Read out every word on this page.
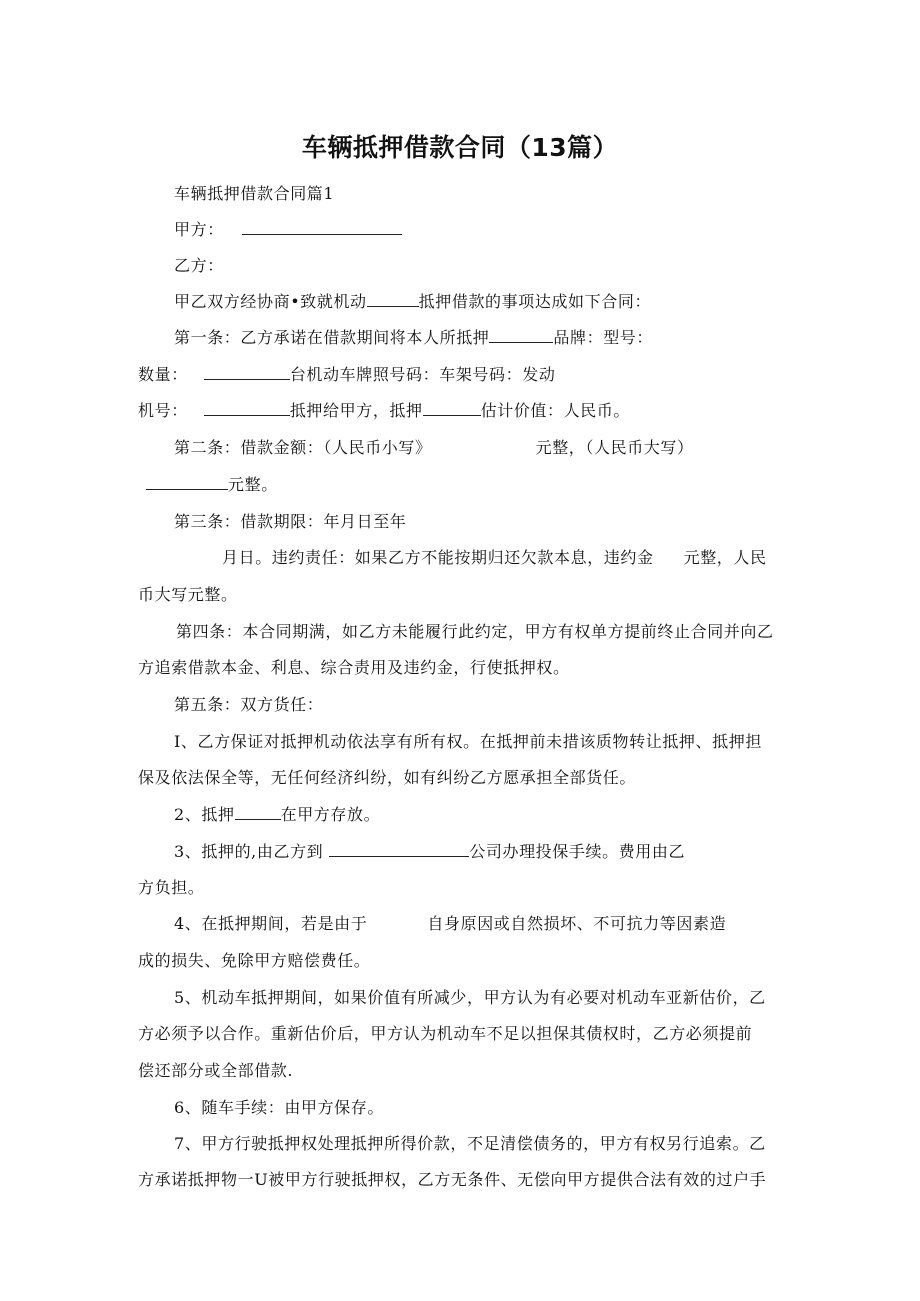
车辆抵押借款合同（13篇）
车辆抵押借款合同篇1
甲方：
乙方：
甲乙双方经协商•致就机动	抵押借款的事项达成如下合同：
第一条：乙方承诺在借款期间将本人所抵押	品牌：型号：
数量：	台机动车牌照号码：车架号码：发动
机号：	抵押给甲方，抵押	估计价值：人民币。
第二条：借款金额：（人民币小写》	元整，（人民币大写）
元整。
第三条：借款期限：年月日至年
月日。违约责任：如果乙方不能按期归还欠款本息，违约金 元整，人民
币大写元整。
第四条：本合同期满，如乙方未能履行此约定，甲方有权单方提前终止合同并向乙
方追索借款本金、利息、综合责用及违约金，行使抵押权。
第五条：双方货任：
I、乙方保证对抵押机动依法享有所有权。在抵押前未措该质物转让抵押、抵押担
保及依法保全等，无任何经济纠纷，如有纠纷乙方愿承担全部货任。
2、抵押	在甲方存放。
3、抵押的,由乙方到	公司办理投保手续。费用由乙
方负担。
4、在抵押期间，若是由于	自身原因或自然损坏、不可抗力等因素造
成的损失、免除甲方赔偿费任。
5、机动车抵押期间，如果价值有所减少，甲方认为有必要对机动车亚新估价，乙
方必须予以合作。重新估价后，甲方认为机动车不足以担保其债权时，乙方必须提前
偿还部分或全部借款.
6、随车手续：由甲方保存。
7、甲方行驶抵押权处理抵押所得价款，不足清偿债务的，甲方有权另行追索。乙
方承诺抵押物一U被甲方行驶抵押权，乙方无条件、无偿向甲方提供合法有效的过户手
